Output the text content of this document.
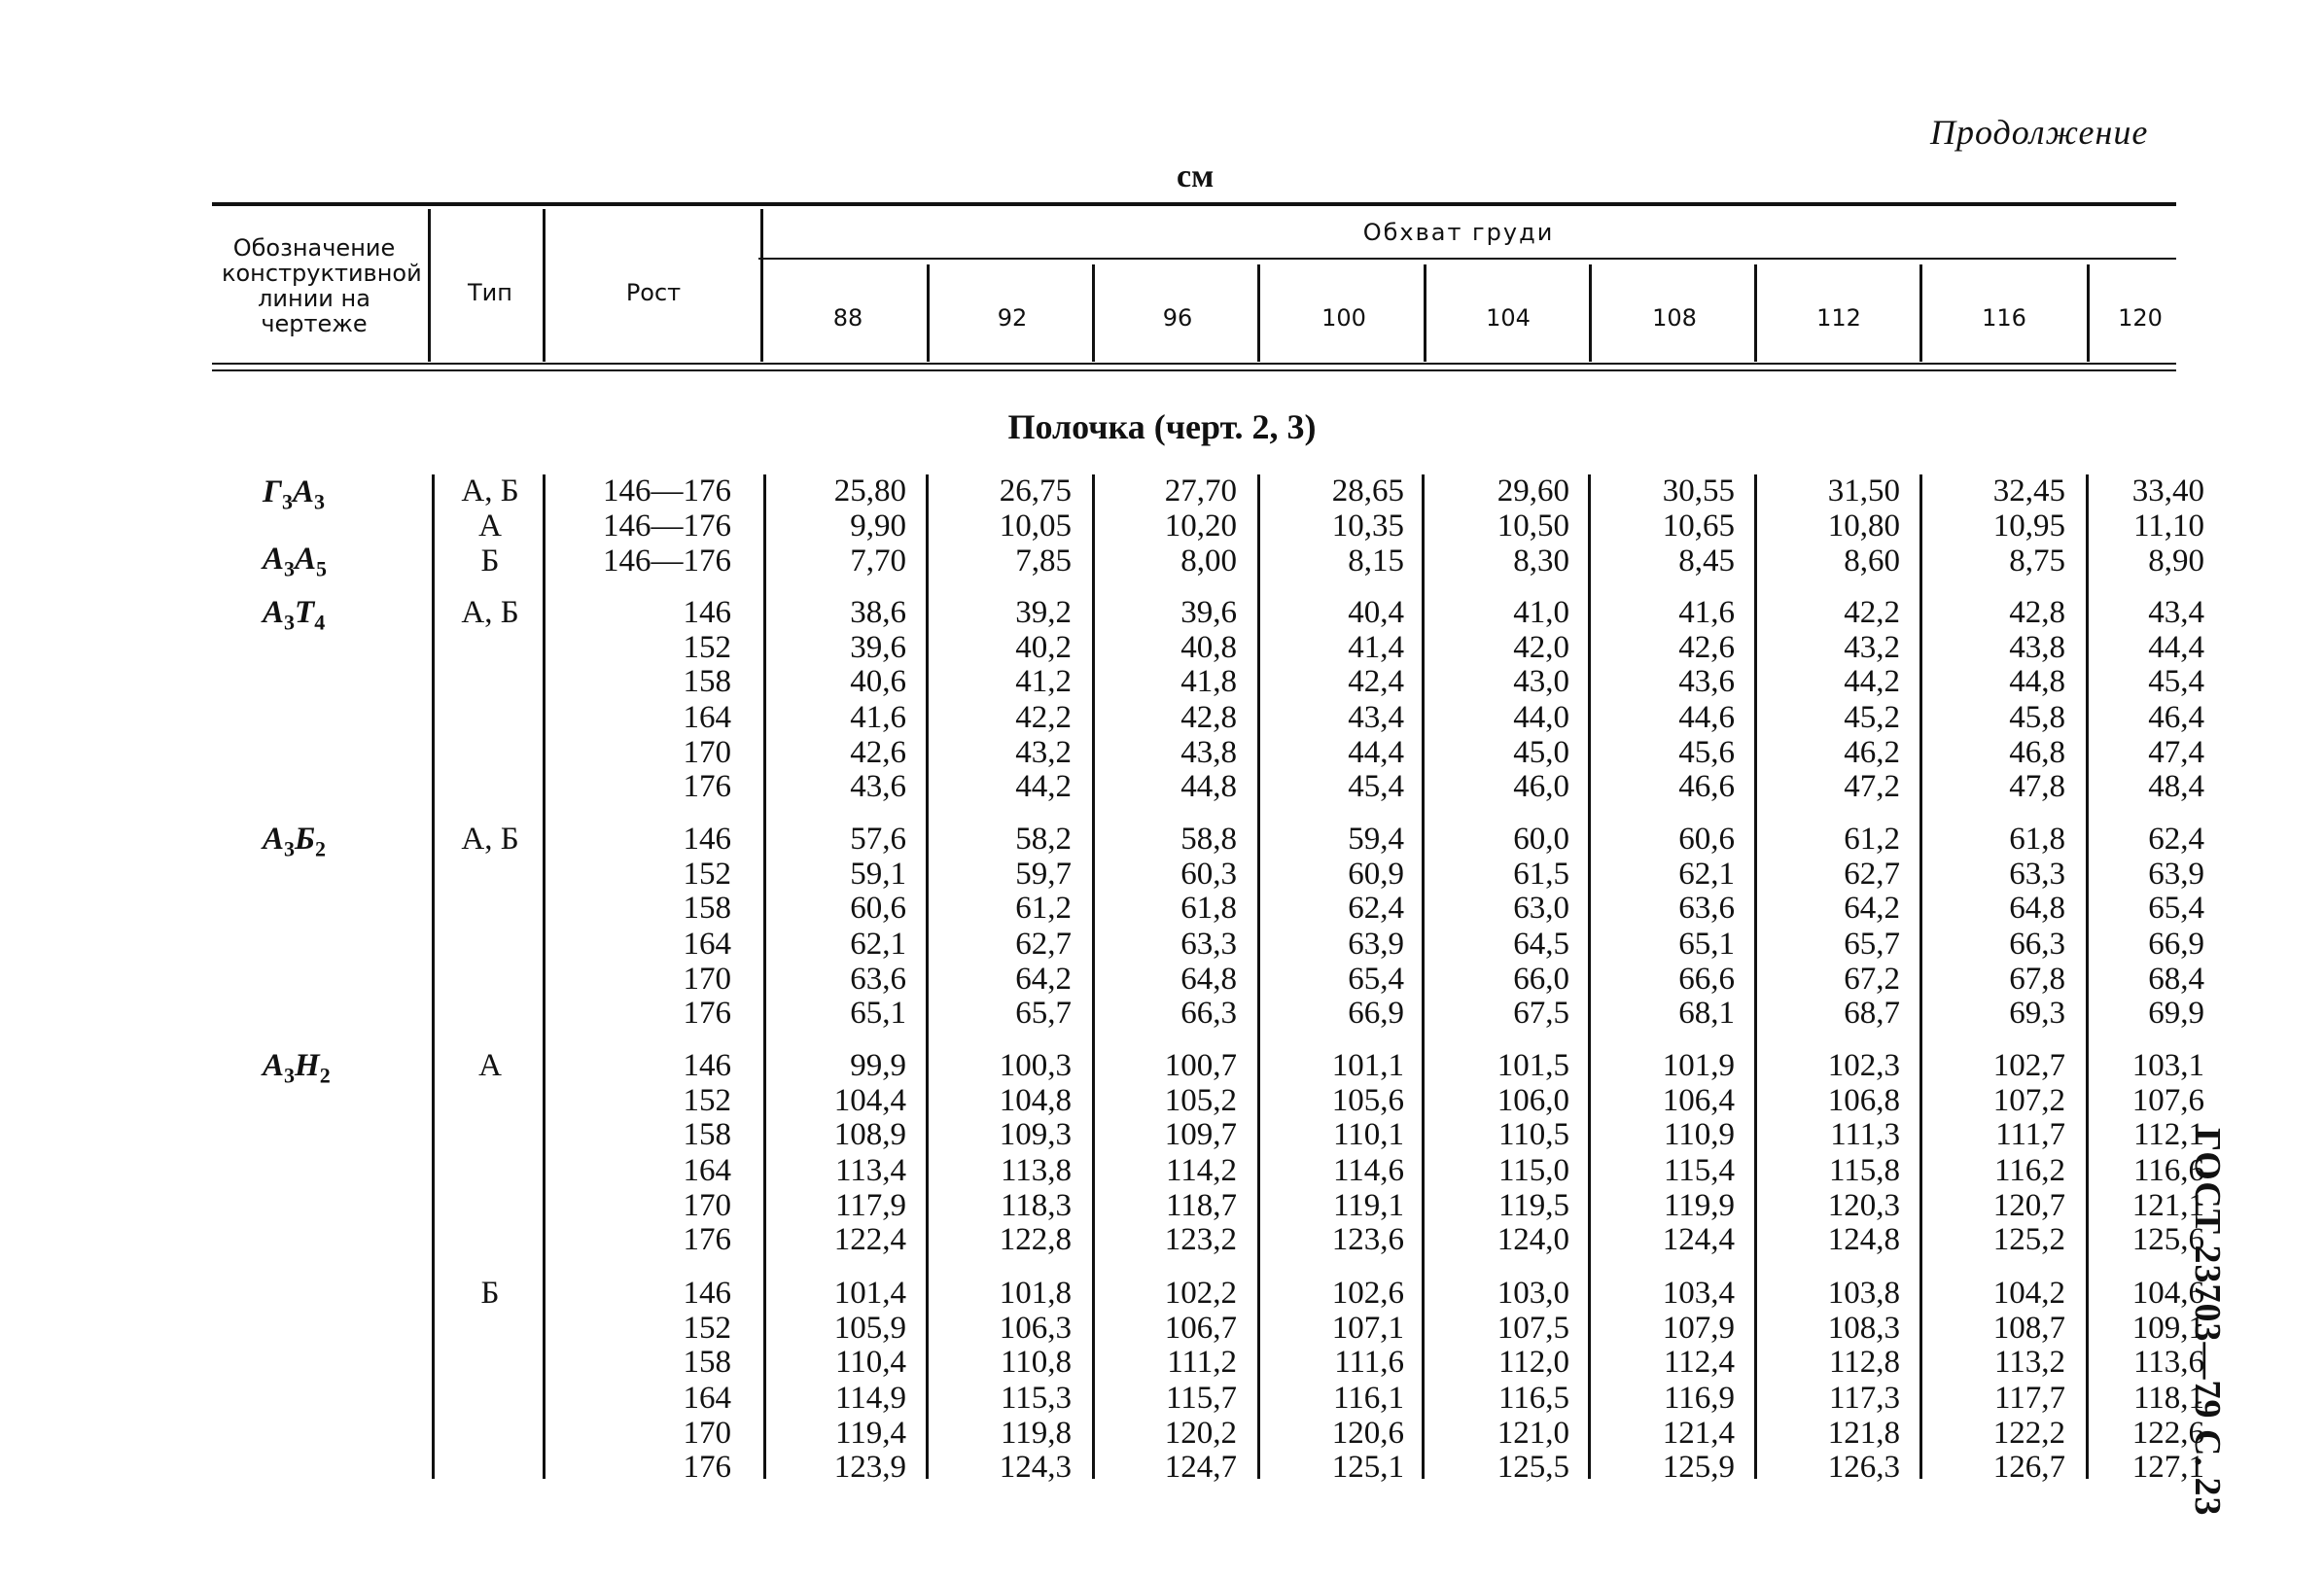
Продолжение
см
ГОСТ 23703—79 С. 23
Обозначение конструктивной линии на чертеже
Тип	Рост
Обхват груди
88	92	96	100	104	108	112	116	120
Полочка (черт. 2, 3)
$Г_3А_3$	А, Б	146—176	25,80	26,75	27,70	28,65	29,60	30,55	31,50	32,45	33,40
А	146—176	9,90	10,05	10,20	10,35	10,50	10,65	10,80	10,95	11,10
$А_3А_5$	Б	146—176	7,70	7,85	8,00	8,15	8,30	8,45	8,60	8,75	8,90
$А_3Т_4$	А, Б	146	38,6	39,2	39,6	40,4	41,0	41,6	42,2	42,8	43,4
152	39,6	40,2	40,8	41,4	42,0	42,6	43,2	43,8	44,4
158	40,6	41,2	41,8	42,4	43,0	43,6	44,2	44,8	45,4
164	41,6	42,2	42,8	43,4	44,0	44,6	45,2	45,8	46,4
170	42,6	43,2	43,8	44,4	45,0	45,6	46,2	46,8	47,4
176	43,6	44,2	44,8	45,4	46,0	46,6	47,2	47,8	48,4
$А_3Б_2$	А, Б	146	57,6	58,2	58,8	59,4	60,0	60,6	61,2	61,8	62,4
152	59,1	59,7	60,3	60,9	61,5	62,1	62,7	63,3	63,9
158	60,6	61,2	61,8	62,4	63,0	63,6	64,2	64,8	65,4
164	62,1	62,7	63,3	63,9	64,5	65,1	65,7	66,3	66,9
170	63,6	64,2	64,8	65,4	66,0	66,6	67,2	67,8	68,4
176	65,1	65,7	66,3	66,9	67,5	68,1	68,7	69,3	69,9
$А_3Н_2$	А	146	99,9	100,3	100,7	101,1	101,5	101,9	102,3	102,7	103,1
152	104,4	104,8	105,2	105,6	106,0	106,4	106,8	107,2	107,6
158	108,9	109,3	109,7	110,1	110,5	110,9	111,3	111,7	112,1
164	113,4	113,8	114,2	114,6	115,0	115,4	115,8	116,2	116,6
170	117,9	118,3	118,7	119,1	119,5	119,9	120,3	120,7	121,1
176	122,4	122,8	123,2	123,6	124,0	124,4	124,8	125,2	125,6
Б	146	101,4	101,8	102,2	102,6	103,0	103,4	103,8	104,2	104,6
152	105,9	106,3	106,7	107,1	107,5	107,9	108,3	108,7	109,1
158	110,4	110,8	111,2	111,6	112,0	112,4	112,8	113,2	113,6
164	114,9	115,3	115,7	116,1	116,5	116,9	117,3	117,7	118,1
170	119,4	119,8	120,2	120,6	121,0	121,4	121,8	122,2	122,6
176	123,9	124,3	124,7	125,1	125,5	125,9	126,3	126,7	127,1
